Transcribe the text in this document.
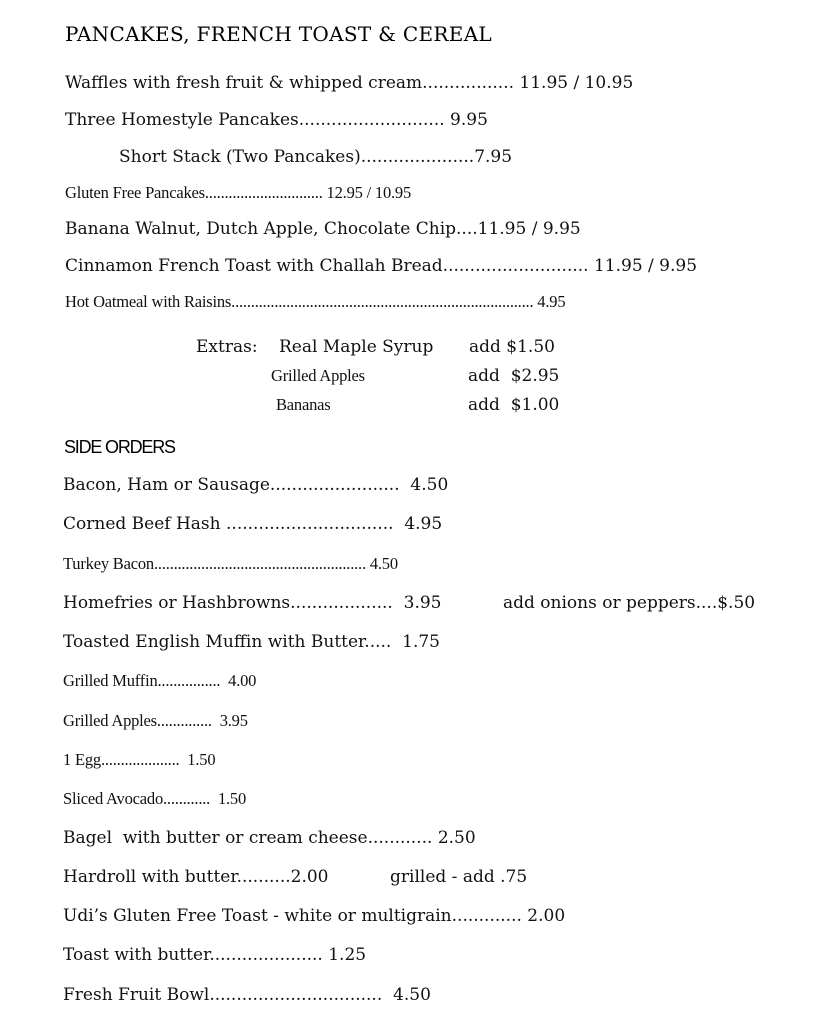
PANCAKES, FRENCH TOAST & CEREAL
Waffles with fresh fruit & whipped cream................. 11.95 / 10.95
Three Homestyle Pancakes........................... 9.95
Short Stack (Two Pancakes).....................7.95
Gluten Free Pancakes.............................. 12.95 / 10.95
Banana Walnut, Dutch Apple, Chocolate Chip....11.95 / 9.95
Cinnamon French Toast with Challah Bread........................... 11.95 / 9.95
Hot Oatmeal with Raisins............................................................................. 4.95
Extras: Real Maple Syrup add $1.50
Grilled Apples	add  $2.95
Bananas	add  $1.00
SIDE ORDERS
Bacon, Ham or Sausage........................  4.50
Corned Beef Hash ...............................  4.95
Turkey Bacon...................................................... 4.50
Homefries or Hashbrowns...................  3.95	add onions or peppers....$.50
Toasted English Muffin with Butter.....  1.75
Grilled Muffin................  4.00
Grilled Apples..............  3.95
1 Egg....................  1.50
Sliced Avocado............  1.50
Bagel  with butter or cream cheese............ 2.50
Hardroll with butter..........2.00	grilled - add .75
Udi’s Gluten Free Toast - white or multigrain............. 2.00
Toast with butter..................... 1.25
Fresh Fruit Bowl................................  4.50
